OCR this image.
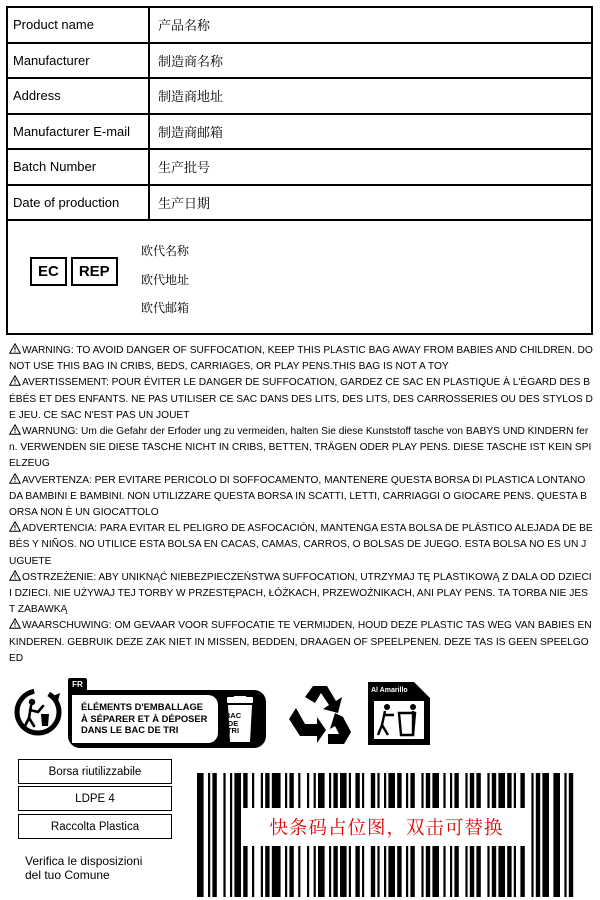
Product name	产品名称
Manufacturer	制造商名称
Address	制造商地址
Manufacturer E-mail	制造商邮箱
Batch Number	生产批号
Date of production	生产日期
EC	REP
欧代名称
欧代地址
欧代邮箱

WARNING: TO AVOID DANGER OF SUFFOCATION, KEEP THIS PLASTIC BAG AWAY FROM BABIES AND CHILDREN. DO NOT USE THIS BAG IN CRIBS, BEDS, CARRIAGES, OR PLAY PENS.THIS BAG IS NOT A TOY

AVERTISSEMENT: POUR ÉVITER LE DANGER DE SUFFOCATION, GARDEZ CE SAC EN PLASTIQUE À L'ÉGARD DES BÉBÉS ET DES ENFANTS. NE PAS UTILISER CE SAC DANS DES LITS, DES LITS, DES CARROSSERIES OU DES STYLOS DE JEU. CE SAC N'EST PAS UN JOUET

WARNUNG: Um die Gefahr der Erfoder ung zu vermeiden, halten Sie diese Kunststoff tasche von BABYS UND KINDERN fern. VERWENDEN SIE DIESE TASCHE NICHT IN CRIBS, BETTEN, TRÄGEN ODER PLAY PENS. DIESE TASCHE IST KEIN SPIELZEUG

AVVERTENZA: PER EVITARE PERICOLO DI SOFFOCAMENTO, MANTENERE QUESTA BORSA DI PLASTICA LONTANO DA BAMBINI E BAMBINI. NON UTILIZZARE QUESTA BORSA IN SCATTI, LETTI, CARRIAGGI O GIOCARE PENS. QUESTA BORSA NON È UN GIOCATTOLO

ADVERTENCIA: PARA EVITAR EL PELIGRO DE ASFOCACIÓN, MANTENGA ESTA BOLSA DE PLÁSTICO ALEJADA DE BEBÉS Y NIÑOS. NO UTILICE ESTA BOLSA EN CACAS, CAMAS, CARROS, O BOLSAS DE JUEGO. ESTA BOLSA NO ES UN JUGUETE

OSTRZEŻENIE: ABY UNIKNĄĆ NIEBEZPIECZEŃSTWA SUFFOCATION, UTRZYMAJ TĘ PLASTIKOWĄ Z DALA OD DZIECI I DZIECI. NIE UŻYWAJ TEJ TORBY W PRZESTĘPACH, ŁÓŻKACH, PRZEWOŹNIKACH, ANI PLAY PENS. TA TORBA NIE JEST ZABAWKĄ

WAARSCHUWING: OM GEVAAR VOOR SUFFOCATIE TE VERMIJDEN, HOUD DEZE PLASTIC TAS WEG VAN BABIES EN KINDEREN. GEBRUIK DEZE ZAK NIET IN MISSEN, BEDDEN, DRAAGEN OF SPEELPENEN. DEZE TAS IS GEEN SPEELGOED

FR
ÉLÉMENTS D'EMBALLAGE
À SÉPARER ET À DÉPOSER
DANS LE BAC DE TRI
BAC
DE
TRI
Al Amarillo
Borsa riutilizzabile
LDPE 4
Raccolta Plastica
Verifica le disposizioni
del tuo Comune
快条码占位图，双击可替换
